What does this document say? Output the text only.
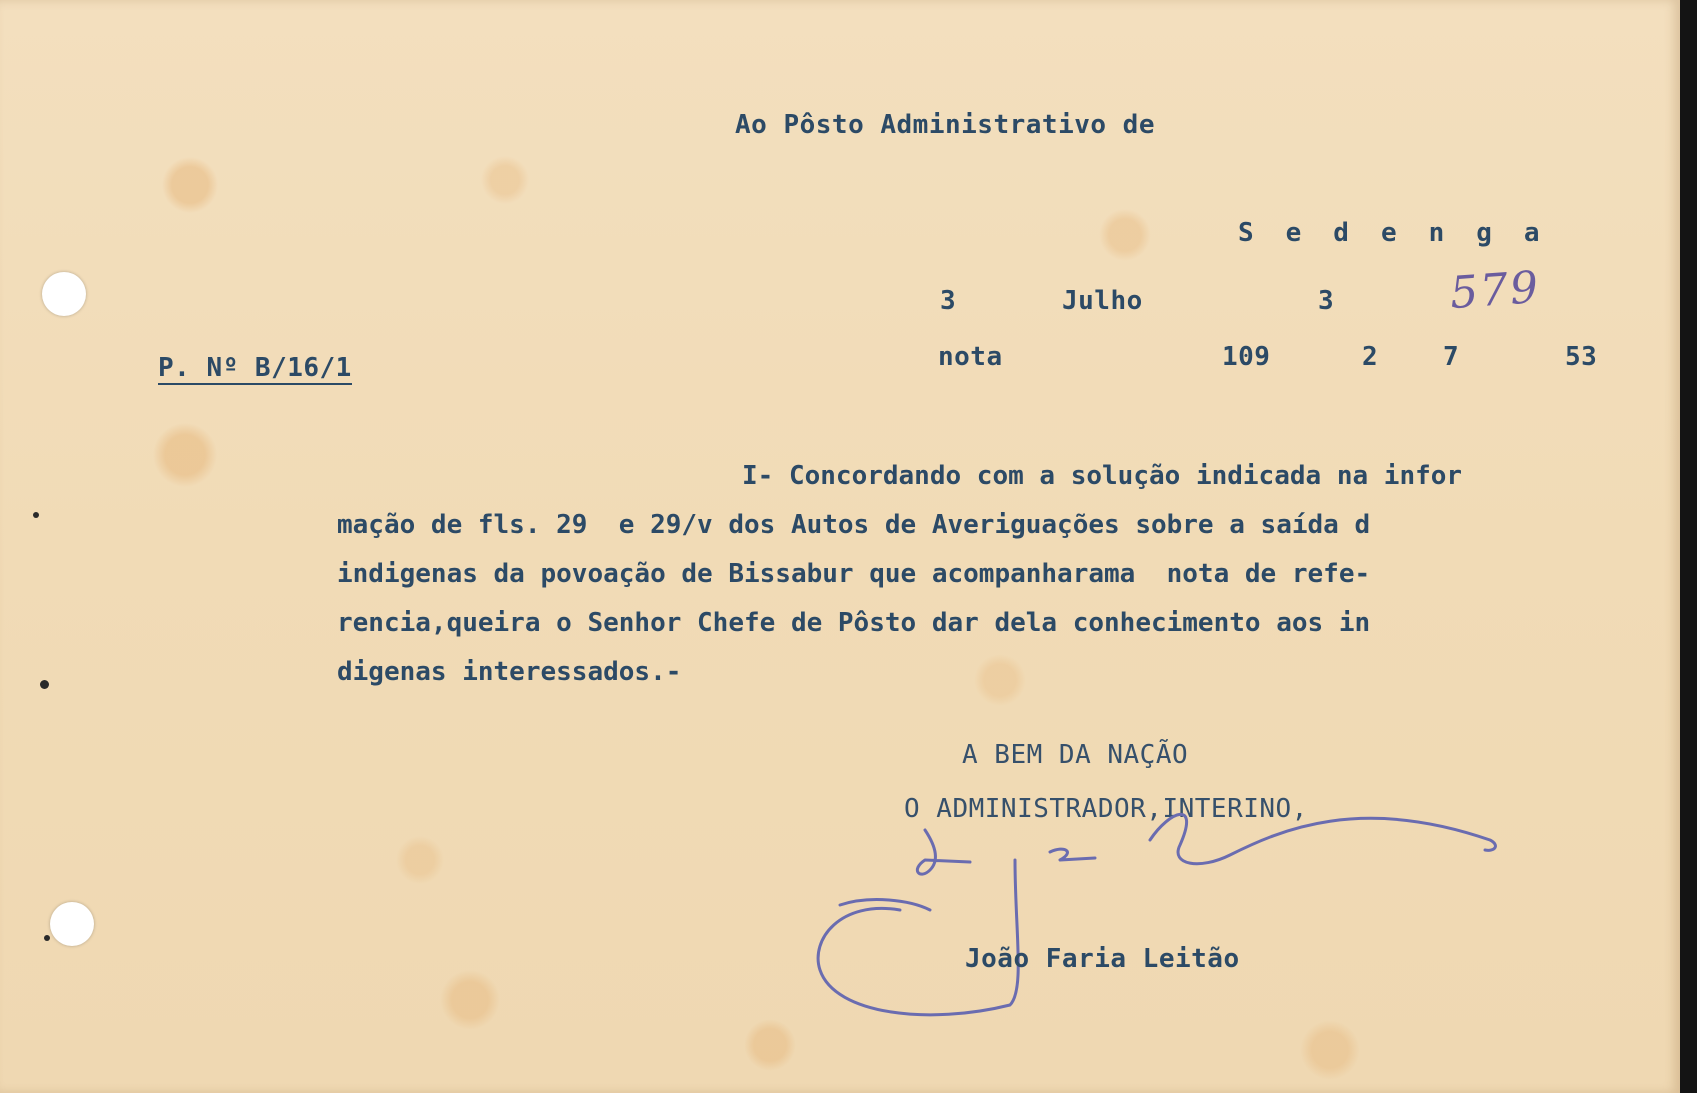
Ao Pôsto Administrativo de
Sedenga
3	Julho	3	579
P. Nº B/16/1	nota	109	2 7	53
I- Concordando com a solução indicada na infor
mação de fls. 29  e 29/v dos Autos de Averiguações sobre a saída d
indigenas da povoação de Bissabur que acompanharama  nota de refe-
rencia,queira o Senhor Chefe de Pôsto dar dela conhecimento aos in
digenas interessados.-
A BEM DA NAÇÃO
O ADMINISTRADOR,INTERINO,
João Faria Leitão
